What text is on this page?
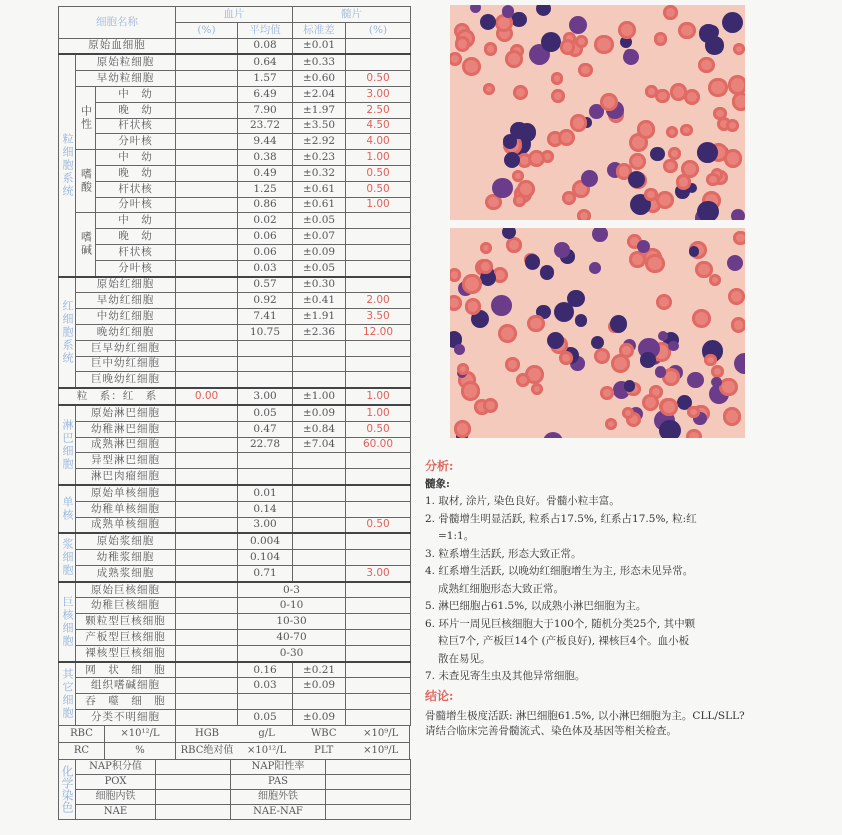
细胞名称			血片		髓片	
			(%)	平均值	标准差	(%)
原始血细胞				0.08	±0.01	
粒细胞系统	原始粒细胞			0.64	±0.33	
	早幼粒细胞			1.57	±0.60	0.50
	中性	中　幼		6.49	±2.04	3.00
		晚　幼		7.90	±1.97	2.50
		杆状核		23.72	±3.50	4.50
		分叶核		9.44	±2.92	4.00
	嗜酸	中　幼		0.38	±0.23	1.00
		晚　幼		0.49	±0.32	0.50
		杆状核		1.25	±0.61	0.50
		分叶核		0.86	±0.61	1.00
	嗜碱	中　幼		0.02	±0.05	
		晚　幼		0.06	±0.07	
		杆状核		0.06	±0.09	
		分叶核		0.03	±0.05	
红细胞系统	原始红细胞			0.57	±0.30	
	早幼红细胞			0.92	±0.41	2.00
	中幼红细胞			7.41	±1.91	3.50
	晚幼红细胞			10.75	±2.36	12.00
	巨早幼红细胞					
	巨中幼红细胞					
	巨晚幼红细胞					
粒　系：红　系			0.00	3.00	±1.00	1.00
淋巴细胞	原始淋巴细胞			0.05	±0.09	1.00
	幼稚淋巴细胞			0.47	±0.84	0.50
	成熟淋巴细胞			22.78	±7.04	60.00
	异型淋巴细胞					
	淋巴肉瘤细胞					
单核	原始单核细胞			0.01		
	幼稚单核细胞			0.14		
	成熟单核细胞			3.00		0.50
浆细胞	原始浆细胞			0.004		
	幼稚浆细胞			0.104		
	成熟浆细胞			0.71		3.00
巨核细胞	原始巨核细胞			0-3		
	幼稚巨核细胞			0-10		
	颗粒型巨核细胞			10-30		
	产板型巨核细胞			40-70		
	裸核型巨核细胞			0-30		
其它细胞	网　状　细　胞			0.16	±0.21	
	组织嗜碱细胞			0.03	±0.09	
	吞　噬　细　胞					
	分类不明细胞			0.05	±0.09	
RBC	×10¹²/L	HGB	g/L	WBC	×10⁹/L
RC	%	RBC绝对值	×10¹²/L	PLT	×10⁹/L
化学染色	NAP积分值		NAP阳性率	
	POX		PAS	
	细胞内铁		细胞外铁	
	NAE		NAE-NAF	
分析:
髓象:
1. 取材, 涂片, 染色良好。骨髓小粒丰富。
2. 骨髓增生明显活跃, 粒系占17.5%, 红系占17.5%, 粒:红
=1:1。
3. 粒系增生活跃, 形态大致正常。
4. 红系增生活跃, 以晚幼红细胞增生为主, 形态未见异常。
成熟红细胞形态大致正常。
5. 淋巴细胞占61.5%, 以成熟小淋巴细胞为主。
6. 环片一周见巨核细胞大于100个, 随机分类25个, 其中颗
粒巨7个, 产板巨14个 (产板良好), 裸核巨4个。血小板
散在易见。
7. 未查见寄生虫及其他异常细胞。
结论:
骨髓增生极度活跃: 淋巴细胞61.5%, 以小淋巴细胞为主。CLL/SLL?
请结合临床完善骨髓流式、染色体及基因等相关检查。
